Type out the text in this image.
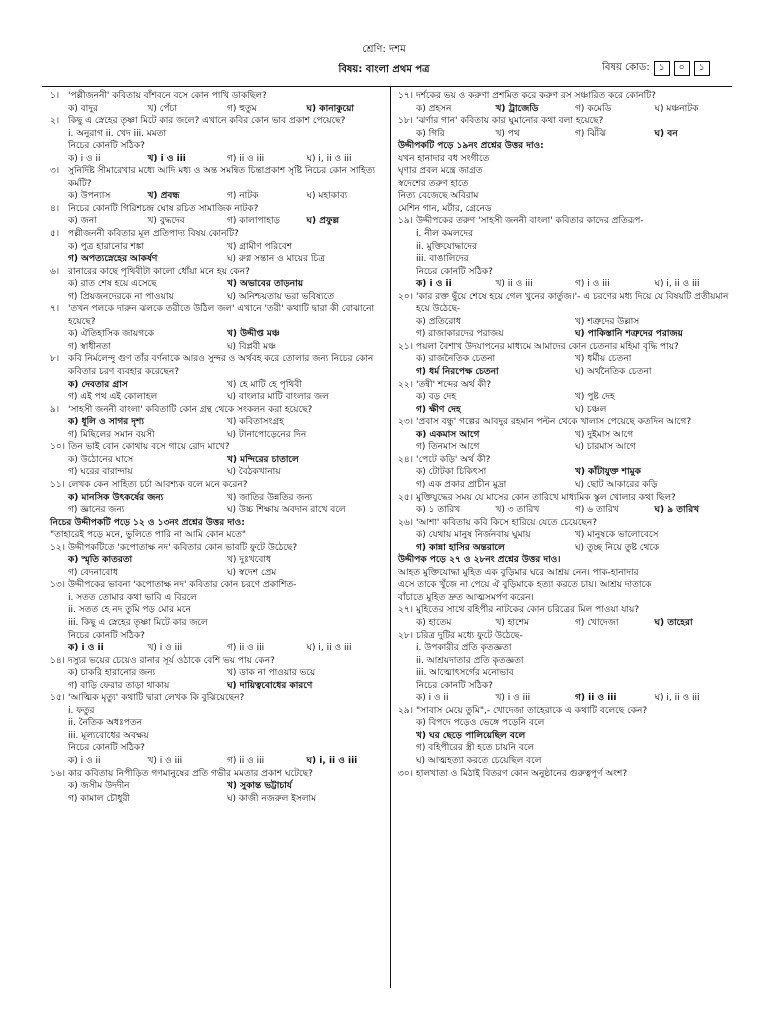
শ্রেণি: দশম
বিষয়: বাংলা প্রথম পত্র	বিষয় কোড:	১	০	১
১। 'পল্লীজননী' কবিতায় বাঁশবনে বসে কোন পাখি ডাকছিল?
ক) বাদুর	খ) পেঁচা	গ) হুতুম	ঘ) কানাকুয়ো
২। কিছু এ স্নেহের তৃষ্ণা মিটে কার জলে? এখানে কবির কোন ভাব প্রকাশ পেয়েছে?
i. অনুরাগ ii. খেদ iii. মমতা
নিচের কোনটি সঠিক?
ক) i ও ii	খ) i ও iii	গ) ii ও iii	ঘ) i, ii ও iii
৩। সুনির্দিষ্ট সীমারেখার মধ্যে আদি মধ্য ও অন্ত সমন্বিত চিন্তাপ্রকাশ সৃষ্টি নিচের কোন সাহিত্য কর্মটি?
ক) উপন্যাস	খ) প্রবন্ধ	গ) নাটক	ঘ) মহাকাব্য
৪। নিচের কোনটি গিরিশচন্দ্র ঘোষ রচিত সামাজিক নাটক?
ক) জনা	খ) বুদ্ধদেব	গ) কালাপাহাড়	ঘ) প্রফুল্ল
৫। পল্লীজননী কবিতার মূল প্রতিপাদ্য বিষয় কোনটি?
ক) পুত্র হারানোর শঙ্কা	খ) গ্রামীণ পরিবেশ
গ) অপত্যস্নেহের আকর্ষণ	ঘ) রুগ্ন সন্তান ও মায়ের চিত্র
৬। রানারের কাছে পৃথিবীটা কালো ধোঁয়া মনে হয় কেন?
ক) রাত শেষ হয়ে এসেছে	খ) অভাবের তাড়নায়
গ) প্রিয়জনদেরকে না পাওয়ায়	ঘ) অনিশ্চয়তায় ভরা ভবিষ্যতে
৭। 'তখন পলকে দারুন ঝলকে তরীতে উঠিল জল' এখানে 'তরী' কথাটি দ্বারা কী বোঝানো হয়েছে?
ক) ঐতিহাসিক জায়গকে	খ) উদ্দীপ্ত মঞ্চ
গ) স্বাধীনতা	ঘ) বিপ্লবী মঞ্চ
৮। কবি নির্মলেন্দু গুণ তাঁর বর্ণনাকে আরও সুন্দর ও অর্থবহ করে তোলার জন্য নিচের কোন কবিতার চরণ ব্যবহার করেছেন?
ক) দেবতার গ্রাস	খ) হে মাটি হে পৃথিবী
গ) এই পথ এই কোলাহল	ঘ) বাংলার মাটি বাংলার জল
৯। 'সাহসী জননী বাংলা' কবিতাটি কোন গ্রন্থ থেকে সংকলন করা হয়েছে?
ক) ধূলি ও সাগর দৃশ্য	খ) কবিতাসংগ্রহ
গ) মিছিলের সমান বয়সী	ঘ) টানাপোড়েনের দিন
১০। তিন ভাই বোন কোথায় বসে গায়ে রোদ মাখে?
ক) উঠোনের ঘাসে	খ) মন্দিরের চাতালে
গ) ঘরের বারান্দায়	ঘ) বৈঠকখানায়
১১। লেখক কেন সাহিত্য চর্চা আবশ্যক বলে মনে করেন?
ক) মানসিক উৎকর্ষের জন্য	খ) জাতির উন্নতির জন্য
গ) জ্ঞানের জন্য	ঘ) উচ্চ শিক্ষায় অবদান রাখে বলে
নিচের উদ্দীপকটি পড়ে ১২ ও ১৩নং প্রশ্নের উত্তর দাও:
"তাহারেই পড়ে মনে, ভুলিতে পারি না আমি কোন মতে"
১২। উদ্দীপকটিতে 'কপোতাক্ষ নদ' কবিতার কোন ভাবটি ফুটে উঠেছে?
ক) স্মৃতি কাতরতা	খ) দুঃখবোধ
গ) বেদনাবোধ	ঘ) স্বদেশ প্রেম
১৩। উদ্দীপকের ভাবনা 'কপোতাক্ষ নদ' কবিতার কোন চরণে প্রকাশিত-
i. সতত তোমার কথা ভাবি এ বিরলে
ii. সতত হে নদ তুমি পড় মোর মনে
iii. কিছু এ স্নেহের তৃষ্ণা মিটে কার জলে
নিচের কোনটি সঠিক?
ক) i ও ii	খ) i ও iii	গ) ii ও iii	ঘ) i, ii ও iii
১৪। দস্যুর ভয়ের চেয়েও রানার সূর্য ওঠাকে বেশি ভয় পায় কেন?
ক) চাকরি হারানোর জন্য	খ) ডাক না পাওয়ার ভয়ে
গ) বাড়ি ফেরার তাড়া থাকায়	ঘ) দায়িত্ববোধের কারণে
১৫। 'আত্মিক মৃত্যু' কথাটি দ্বারা লেখক কি বুঝিয়েছেন?
i. ফতুর
ii. নৈতিক অধঃপতন
iii. মূল্যবোধের অবক্ষয়
নিচের কোনটি সঠিক?
ক) i ও ii	খ) i ও iii	গ) ii ও iii	ঘ) i, ii ও iii
১৬। কার কবিতায় নিপীড়িত গণমানুষের প্রতি গভীর মমতার প্রকাশ ঘটেছে?
ক) জসীম উদদীন	খ) সুকান্ত ভট্টাচার্য
গ) কামাল চৌধুরী	ঘ) কাজী নজরুল ইসলাম
১৭। দর্শকের ভয় ও করুণা প্রশমিত করে করুণ রস সঞ্চারিত করে কোনটি?
ক) প্রহসন	খ) ট্রাজেডি	গ) কমেডি	ঘ) মঞ্চনাটক
১৮। 'ঝর্ণার গান' কবিতায় কার ঘুমানোর কথা বলা হয়েছে?
ক) গিরি	খ) পথ	গ) ঝিঁঝি	ঘ) বন
উদ্দীপকটি পড়ে ১৯নং প্রশ্নের উত্তর দাও:
যখন হানাদার বধ সংগীতে
ঘৃণার প্রবল মন্ত্রে জাগ্রত
স্বদেশের তরুণ হাতে
নিত্য বেজেছে অবিরাম
মেশিন গান, মর্টার, গ্রেনেড
১৯। উদ্দীপকের তরুণ 'সাহসী জননী বাংলা' কবিতার কাদের প্রতিরূপ-
i. নীল কমলদের
ii. মুক্তিযোদ্ধাদের
iii. বাঙালিদের
নিচের কোনটি সঠিক?
ক) i ও ii	খ) ii ও iii	গ) i ও iii	ঘ) i, ii ও iii
২০। 'কার রক্ত ছুঁয়ে শেষে হয়ে গেল খুনের কার্তুজ।'- এ চরণের মধ্য দিয়ে যে বিষয়টি প্রতীয়মান হয়ে উঠেছে-
ক) প্রতিরোধ	খ) শত্রুদের উল্লাস
গ) রাজাকারদের পরাজয়	ঘ) পাকিস্তানি শত্রুদের পরাজয়
২১। পয়লা বৈশাখ উদযাপনের মাধ্যমে আমাদের কোন চেতনার মহিমা বৃদ্ধি পায়?
ক) রাজনৈতিক চেতনা	খ) ধর্মীয় চেতনা
গ) ধর্ম নিরপেক্ষ চেতনা	ঘ) অর্থনৈতিক চেতনা
২২। 'তন্বী' শব্দের অর্থ কী?
ক) বড় দেহ	খ) পুষ্ট দেহ
গ) ক্ষীণ দেহ	ঘ) চঞ্চল
২৩। 'প্রবাস বন্ধু' গল্পের আবদুর রহমান পল্টন থেকে খালাস পেয়েছে কতদিন আগে?
ক) একমাস আগে	খ) দুইমাস আগে
গ) তিনমাস আগে	ঘ) চারমাস আগে
২৪। 'পেটে কড়ি' অর্থ কী?
ক) টোটকা চিকিৎসা	খ) কাঁটাযুক্ত শামুক
গ) এক প্রকার প্রাচীন মুদ্রা	ঘ) ছোট আকারের কড়ি
২৫। মুক্তিযুদ্ধের সময় যে মাসের কোন তারিখে মাধ্যমিক স্কুল খোলার কথা ছিল?
ক) ১ তারিখ	খ) ৩ তারিখ	গ) ৬ তারিখ	ঘ) ৯ তারিখ
২৬। 'আশা' কবিতায় কবি কিসে হারিয়ে যেতে চেয়েছেন?
ক) যেথায় মানুষ নির্জনবায় ঘুমায়	খ) মানুষকে ভালোবেসে
গ) কান্না হাসির অন্তরালে	ঘ) তুচ্ছ নিয়ে তুষ্ট থেকে
উদ্দীপক পড়ে ২৭ ও ২৮নং প্রশ্নের উত্তর দাও।
আহত মুক্তিযোদ্ধা মুহিত এক বুড়িমার ঘরে আশ্রয় নেন। পাক-হানাদার
এসে তাকে খুঁজে না পেয়ে ঐ বুড়িমাকে হত্যা করতে চায়। আশ্রয় দাতাকে
বাঁচাতে মুহিত দ্রুত আত্মসমর্পণ করেন।
২৭। মুহিতের সাথে বহিপীর নাটকের কোন চরিত্রের মিল পাওয়া যায়?
ক) হাতেম	খ) হাশেম	গ) খোদেজা	ঘ) তাহেরা
২৮। চরিত্র দুটির মধ্যে ফুটে উঠেছে-
i. উপকারীর প্রতি কৃতজ্ঞতা
ii. আশ্রয়দাতার প্রতি কৃতজ্ঞতা
iii. আত্মোৎসর্গের মনোভাব
নিচের কোনটি সঠিক?
ক) i ও ii	খ) i ও iii	গ) ii ও iii	ঘ) i, ii ও iii
২৯। "সাবাস মেয়ে তুমি",- খোদেজা তাহেরাকে এ কথাটি বলেছে কেন?
ক) বিপদে পড়েও ভেঙ্গে পড়েনি বলে
খ) ঘর ছেড়ে পালিয়েছিল বলে
গ) বহিপীরের স্ত্রী হতে চায়নি বলে
ঘ) আত্মহত্যা করতে চেয়েছিল বলে
৩০। হালখাতা ও মিঠাই বিতরণ কোন অনুষ্ঠানের গুরুত্বপূর্ণ অংশ?
